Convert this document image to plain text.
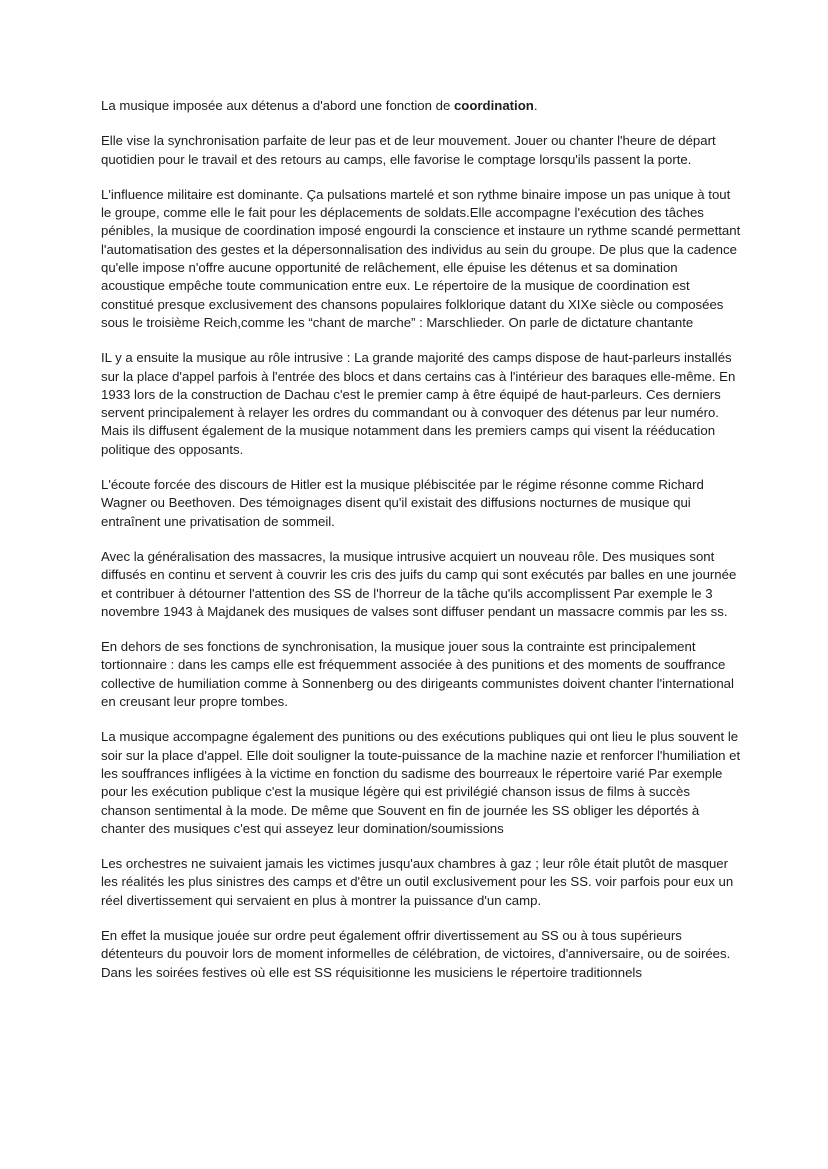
La musique imposée aux détenus a d'abord une fonction de coordination.

Elle vise la synchronisation parfaite de leur pas et de leur mouvement. Jouer ou chanter l'heure de départ quotidien pour le travail et des retours au camps, elle favorise le comptage lorsqu'ils passent la porte.

L'influence militaire est dominante. Ça pulsations martelé et son rythme binaire impose un pas unique à tout le groupe, comme elle le fait pour les déplacements de soldats.Elle accompagne l'exécution des tâches pénibles, la musique de coordination imposé engourdi la conscience et instaure un rythme scandé permettant l'automatisation des gestes et la dépersonnalisation des individus au sein du groupe. De plus que la cadence qu'elle impose n'offre aucune opportunité de relâchement, elle épuise les détenus et sa domination acoustique empêche toute communication entre eux. Le répertoire de la musique de coordination est constitué presque exclusivement des chansons populaires folklorique datant du XIXe siècle ou composées sous le troisième Reich,comme les “chant de marche” : Marschlieder. On parle de dictature chantante

IL y a ensuite la musique au rôle intrusive : La grande majorité des camps dispose de haut-parleurs installés sur la place d'appel parfois à l'entrée des blocs et dans certains cas à l'intérieur des baraques elle-même. En 1933 lors de la construction de Dachau c'est le premier camp à être équipé de haut-parleurs. Ces derniers servent principalement à relayer les ordres du commandant ou à convoquer des détenus par leur numéro. Mais ils diffusent également de la musique notamment dans les premiers camps qui visent la rééducation politique des opposants.

L'écoute forcée des discours de Hitler est la musique plébiscitée par le régime résonne comme Richard Wagner ou Beethoven. Des témoignages disent qu'il existait des diffusions nocturnes de musique qui entraînent une privatisation de sommeil.

Avec la généralisation des massacres, la musique intrusive acquiert un nouveau rôle. Des musiques sont diffusés en continu et servent à couvrir les cris des juifs du camp qui sont exécutés par balles en une journée et contribuer à détourner l'attention des SS de l'horreur de la tâche qu'ils accomplissent Par exemple le 3 novembre 1943 à Majdanek des musiques de valses sont diffuser pendant un massacre commis par les ss.

En dehors de ses fonctions de synchronisation, la musique jouer sous la contrainte est principalement tortionnaire : dans les camps elle est fréquemment associée à des punitions et des moments de souffrance collective de humiliation comme à Sonnenberg ou des dirigeants communistes doivent chanter l'international en creusant leur propre tombes.

La musique accompagne également des punitions ou des exécutions publiques qui ont lieu le plus souvent le soir sur la place d'appel. Elle doit souligner la toute-puissance de la machine nazie et renforcer l'humiliation et les souffrances infligées à la victime en fonction du sadisme des bourreaux le répertoire varié Par exemple pour les exécution publique c'est la musique légère qui est privilégié chanson issus de films à succès chanson sentimental à la mode. De même que Souvent en fin de journée les SS obliger les déportés à chanter des musiques c'est qui asseyez leur domination/soumissions

Les orchestres ne suivaient jamais les victimes jusqu'aux chambres à gaz ; leur rôle était plutôt de masquer les réalités les plus sinistres des camps et d'être un outil exclusivement pour les SS. voir parfois pour eux un réel divertissement qui servaient en plus à montrer la puissance d'un camp.

En effet la musique jouée sur ordre peut également offrir divertissement au SS ou à tous supérieurs détenteurs du pouvoir lors de moment informelles de célébration, de victoires, d'anniversaire, ou de soirées. Dans les soirées festives où elle est SS réquisitionne les musiciens le répertoire traditionnels
